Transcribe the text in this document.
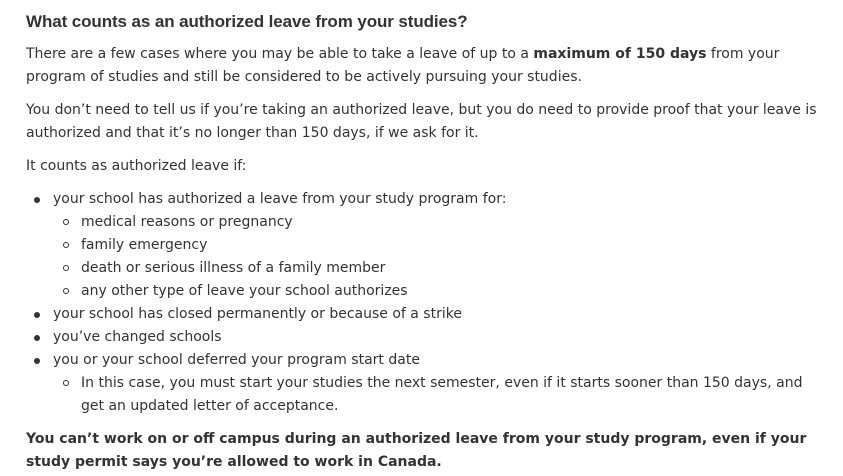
What counts as an authorized leave from your studies?

There are a few cases where you may be able to take a leave of up to a maximum of 150 days from your program of studies and still be considered to be actively pursuing your studies.

You don’t need to tell us if you’re taking an authorized leave, but you do need to provide proof that your leave is authorized and that it’s no longer than 150 days, if we ask for it.

It counts as authorized leave if:

your school has authorized a leave from your study program for:
medical reasons or pregnancy
family emergency
death or serious illness of a family member
any other type of leave your school authorizes
your school has closed permanently or because of a strike
you’ve changed schools
you or your school deferred your program start date
In this case, you must start your studies the next semester, even if it starts sooner than 150 days, and get an updated letter of acceptance.

You can’t work on or off campus during an authorized leave from your study program, even if your study permit says you’re allowed to work in Canada.
